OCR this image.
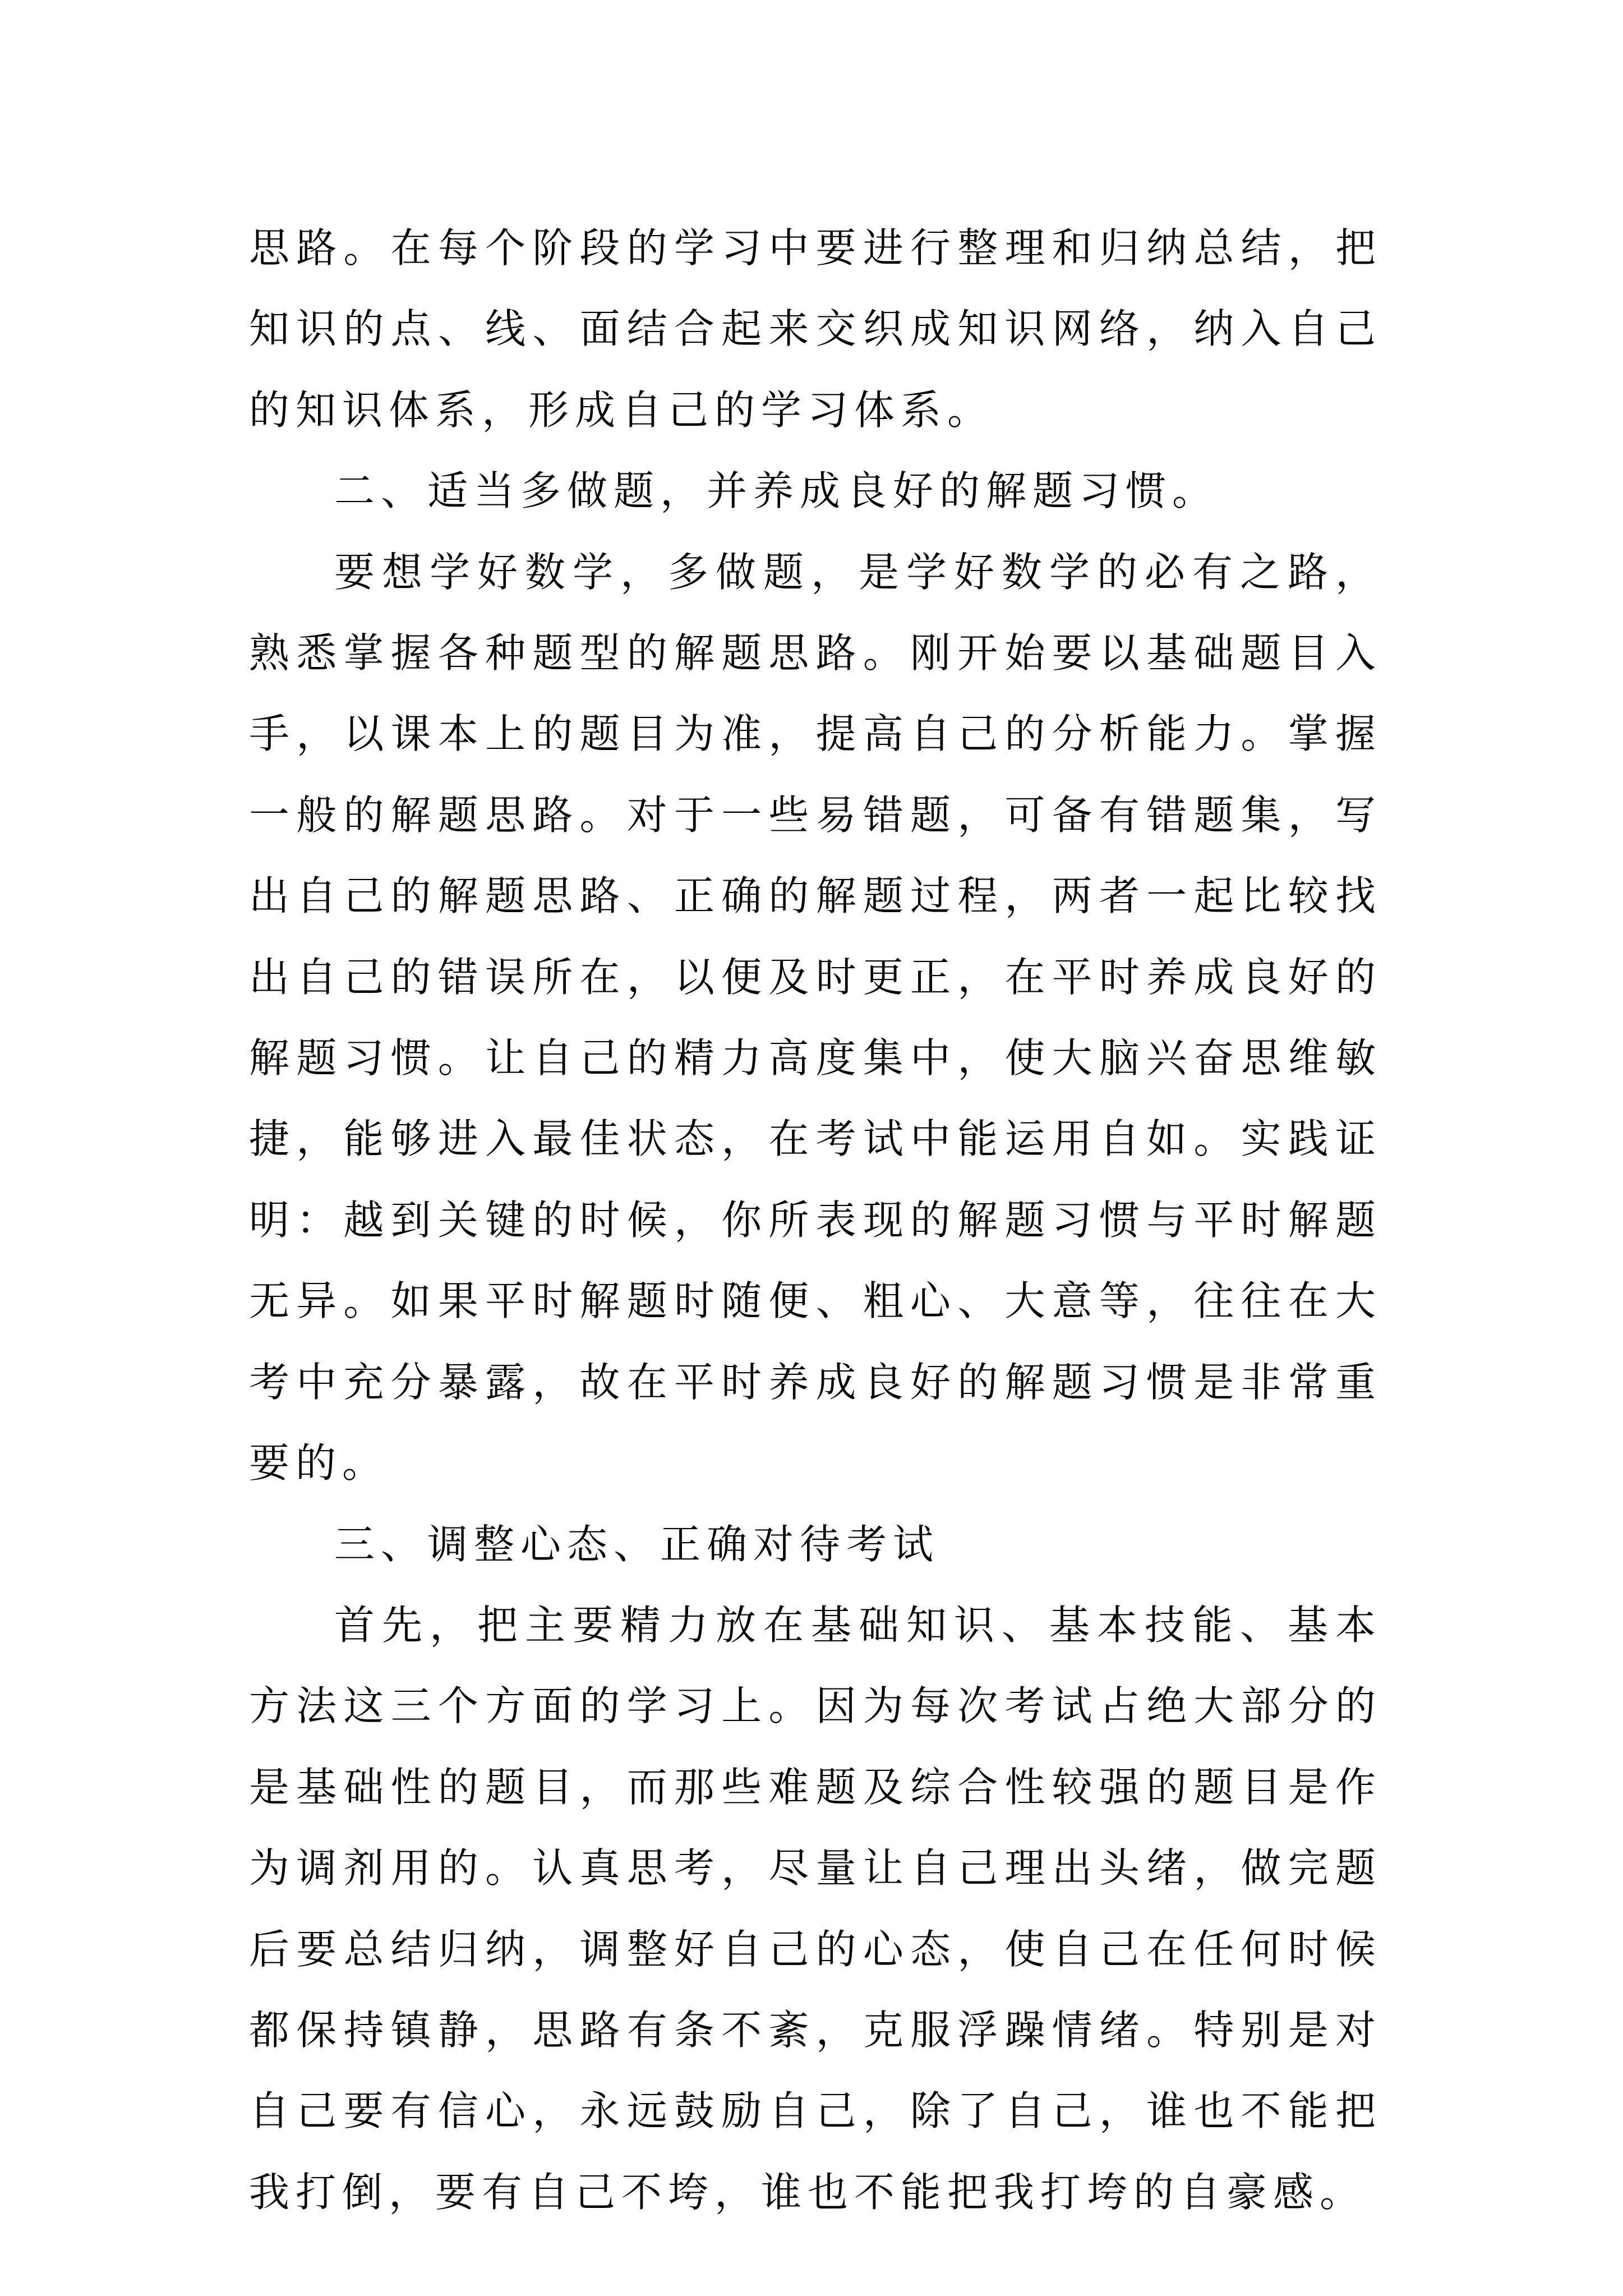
思路。在每个阶段的学习中要进行整理和归纳总结，把知识的点、线、面结合起来交织成知识网络，纳入自己的知识体系，形成自己的学习体系。

二、适当多做题，并养成良好的解题习惯。

要想学好数学，多做题，是学好数学的必有之路，熟悉掌握各种题型的解题思路。刚开始要以基础题目入手，以课本上的题目为准，提高自己的分析能力。掌握一般的解题思路。对于一些易错题，可备有错题集，写出自己的解题思路、正确的解题过程，两者一起比较找出自己的错误所在，以便及时更正，在平时养成良好的解题习惯。让自己的精力高度集中，使大脑兴奋思维敏捷，能够进入最佳状态，在考试中能运用自如。实践证明：越到关键的时候，你所表现的解题习惯与平时解题无异。如果平时解题时随便、粗心、大意等，往往在大考中充分暴露，故在平时养成良好的解题习惯是非常重要的。

三、调整心态、正确对待考试

首先，把主要精力放在基础知识、基本技能、基本方法这三个方面的学习上。因为每次考试占绝大部分的是基础性的题目，而那些难题及综合性较强的题目是作为调剂用的。认真思考，尽量让自己理出头绪，做完题后要总结归纳，调整好自己的心态，使自己在任何时候都保持镇静，思路有条不紊，克服浮躁情绪。特别是对自己要有信心，永远鼓励自己，除了自己，谁也不能把我打倒，要有自己不垮，谁也不能把我打垮的自豪感。
